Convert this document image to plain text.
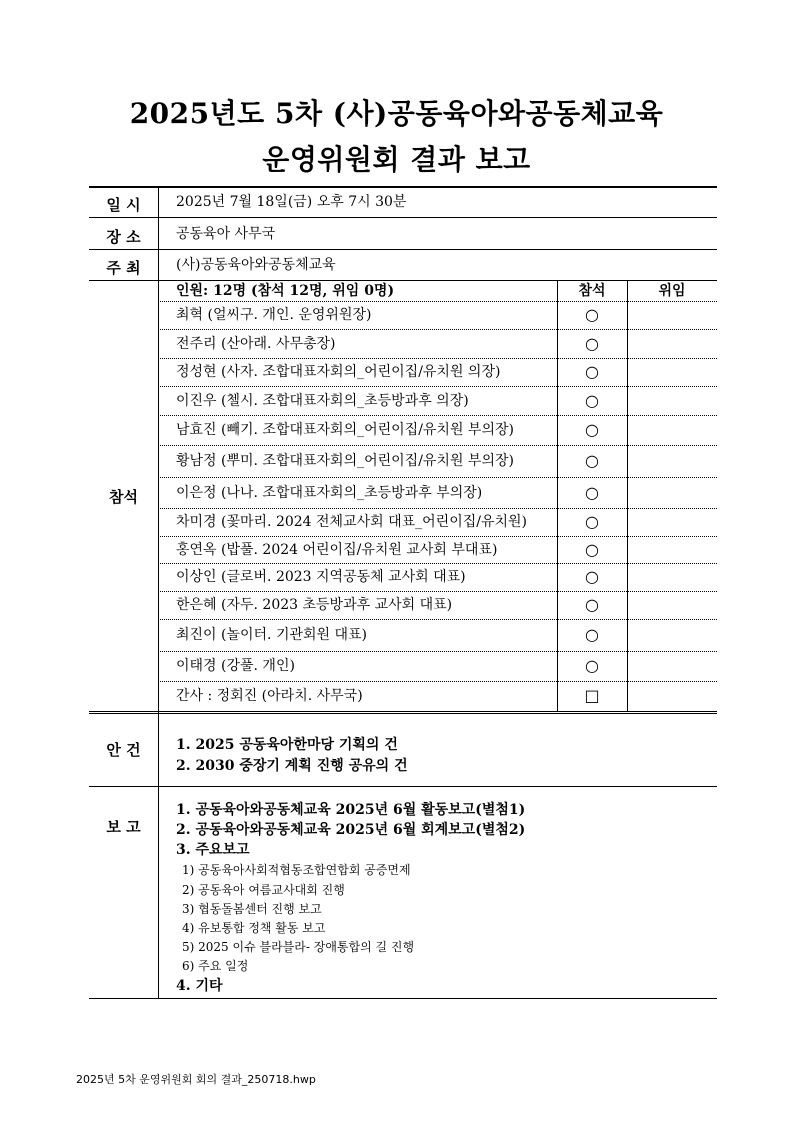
2025년도 5차 (사)공동육아와공동체교육
운영위원회 결과 보고
일 시	2025년 7월 18일(금) 오후 7시 30분
장 소	공동육아 사무국
주 최	(사)공동육아와공동체교육
참석
인원: 12명 (참석 12명, 위임 0명)	참석	위임
최혁 (얼씨구. 개인. 운영위원장)	○
전주리 (산아래. 사무총장)	○
정성현 (사자. 조합대표자회의_어린이집/유치원 의장)	○
이진우 (첼시. 조합대표자회의_초등방과후 의장)	○
남효진 (빼기. 조합대표자회의_어린이집/유치원 부의장)	○
황남정 (뿌미. 조합대표자회의_어린이집/유치원 부의장)	○
이은정 (나나. 조합대표자회의_초등방과후 부의장)	○
차미경 (꽃마리. 2024 전체교사회 대표_어린이집/유치원)	○
홍연옥 (밥풀. 2024 어린이집/유치원 교사회 부대표)	○
이상인 (글로버. 2023 지역공동체 교사회 대표)	○
한은혜 (자두. 2023 초등방과후 교사회 대표)	○
최진이 (놀이터. 기관회원 대표)	○
이태경 (강풀. 개인)	○
간사 : 정회진 (아라치. 사무국)	□
안 건	1. 2025 공동육아한마당 기획의 건
2. 2030 중장기 계획 진행 공유의 건
보 고
1. 공동육아와공동체교육 2025년 6월 활동보고(별첨1)
2. 공동육아와공동체교육 2025년 6월 회계보고(별첨2)
3. 주요보고
1) 공동육아사회적협동조합연합회 공증면제
2) 공동육아 여름교사대회 진행
3) 협동돌봄센터 진행 보고
4) 유보통합 정책 활동 보고
5) 2025 이슈 블라블라- 장애통합의 길 진행
6) 주요 일정
4. 기타
2025년 5차 운영위원회 회의 결과_250718.hwp
